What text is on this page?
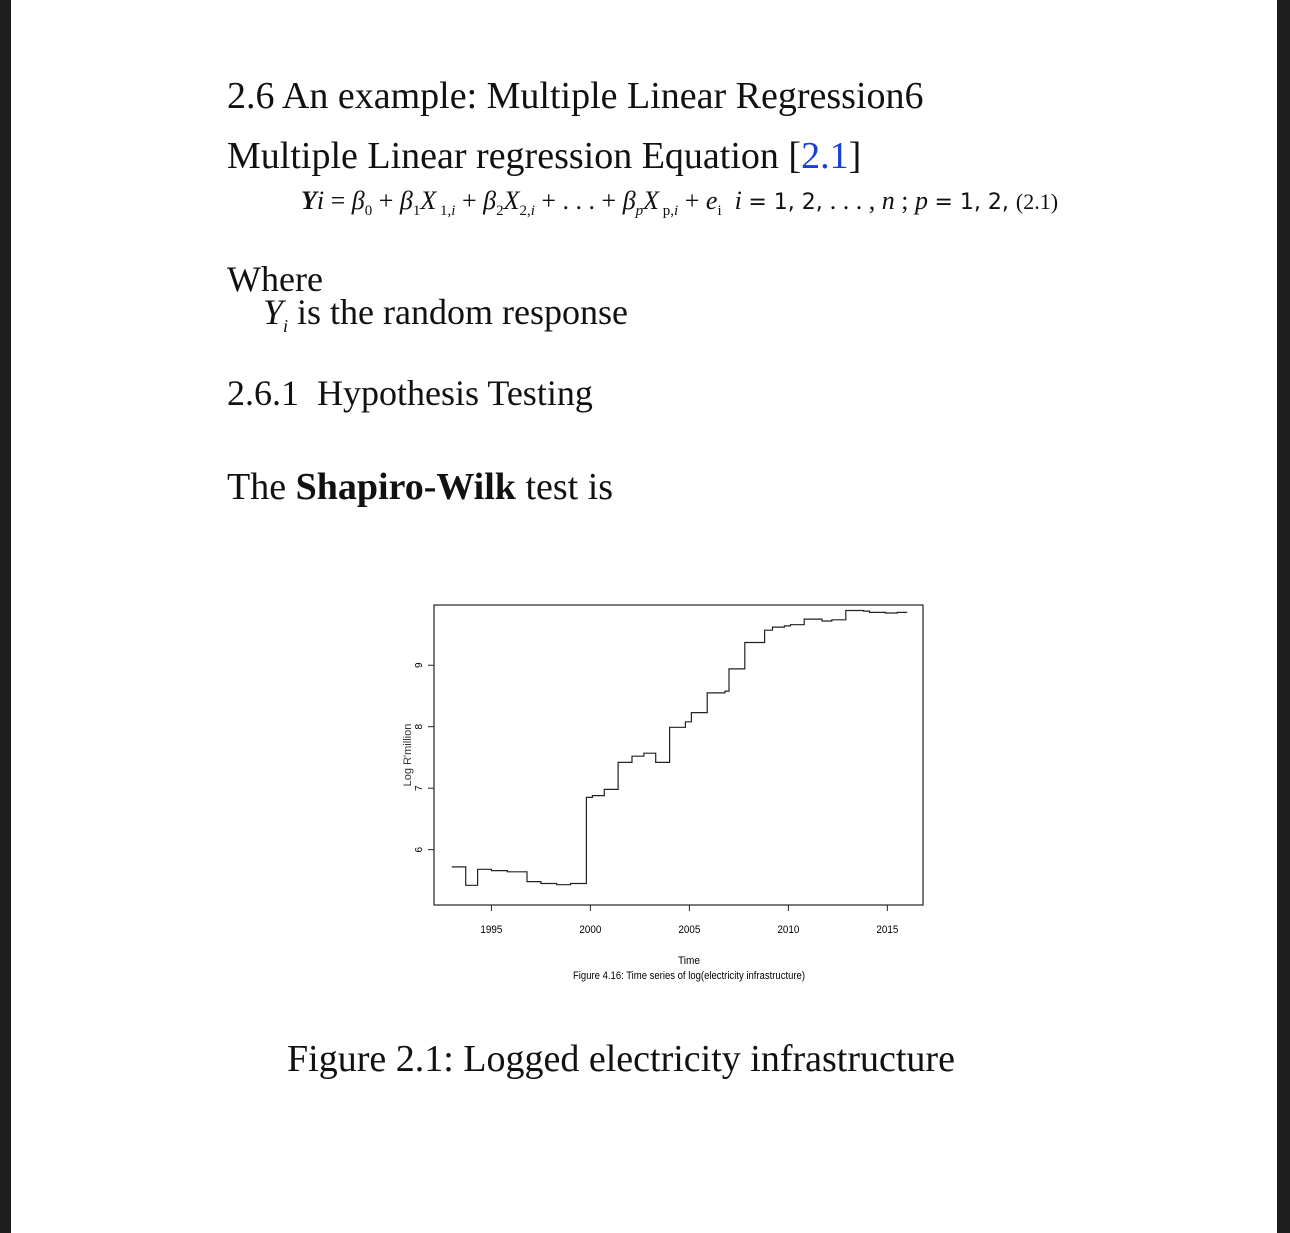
2.6 An example: Multiple Linear Regression6
Multiple Linear regression Equation [2.1]
$Yi = \beta_0 + \beta_1X$ $_{1,i} + \beta_2X_{2,i}$ + . . . + $\beta_pX$ $_{p,i} + e_i$ i = 1, 2, . . . , n ; p = 1, 2, (2.1)
Where
$Y_i$ is the random response
2.6.1 Hypothesis Testing
The Shapiro-Wilk test is
1995	2000	2005	2010	2015
6
7
8
9
Time
Figure 4.16: Time series of log(electricity infrastructure)
Log R'million
Figure 2.1: Logged electricity infrastructure
